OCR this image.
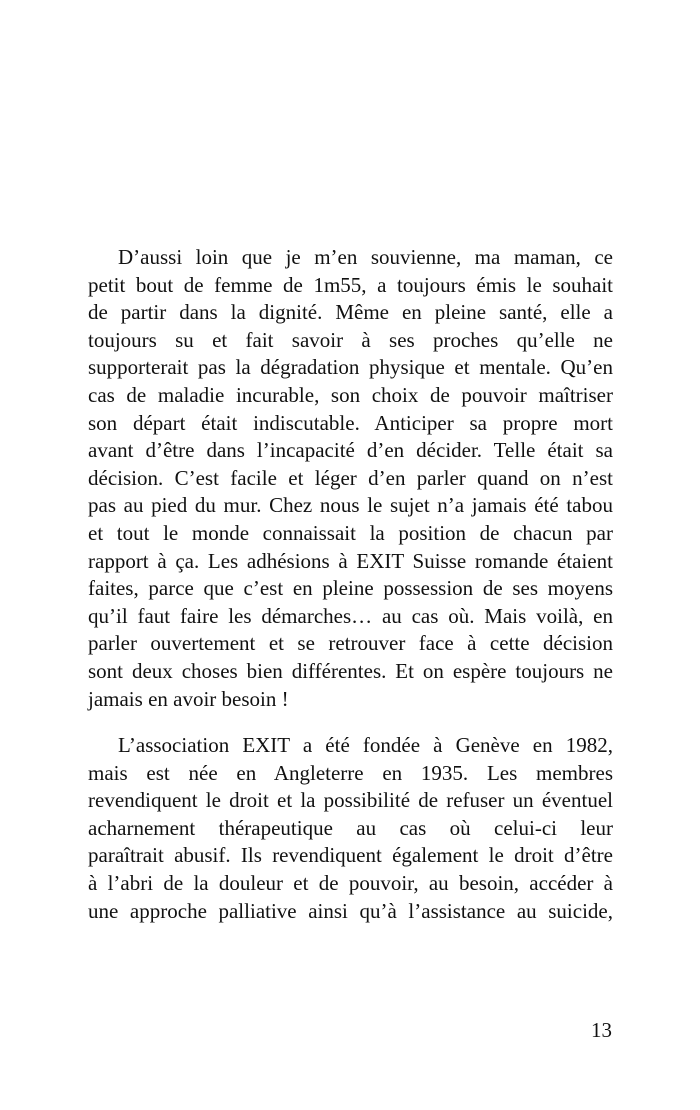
D’aussi loin que je m’en souvienne, ma maman, ce
petit bout de femme de 1m55, a toujours émis le souhait
de partir dans la dignité. Même en pleine santé, elle a
toujours su et fait savoir à ses proches qu’elle ne
supporterait pas la dégradation physique et mentale. Qu’en
cas de maladie incurable, son choix de pouvoir maîtriser
son départ était indiscutable. Anticiper sa propre mort
avant d’être dans l’incapacité d’en décider. Telle était sa
décision. C’est facile et léger d’en parler quand on n’est
pas au pied du mur. Chez nous le sujet n’a jamais été tabou
et tout le monde connaissait la position de chacun par
rapport à ça. Les adhésions à EXIT Suisse romande étaient
faites, parce que c’est en pleine possession de ses moyens
qu’il faut faire les démarches… au cas où. Mais voilà, en
parler ouvertement et se retrouver face à cette décision
sont deux choses bien différentes. Et on espère toujours ne
jamais en avoir besoin !
L’association EXIT a été fondée à Genève en 1982,
mais est née en Angleterre en 1935. Les membres
revendiquent le droit et la possibilité de refuser un éventuel
acharnement thérapeutique au cas où celui-ci leur
paraîtrait abusif. Ils revendiquent également le droit d’être
à l’abri de la douleur et de pouvoir, au besoin, accéder à
une approche palliative ainsi qu’à l’assistance au suicide,
13
